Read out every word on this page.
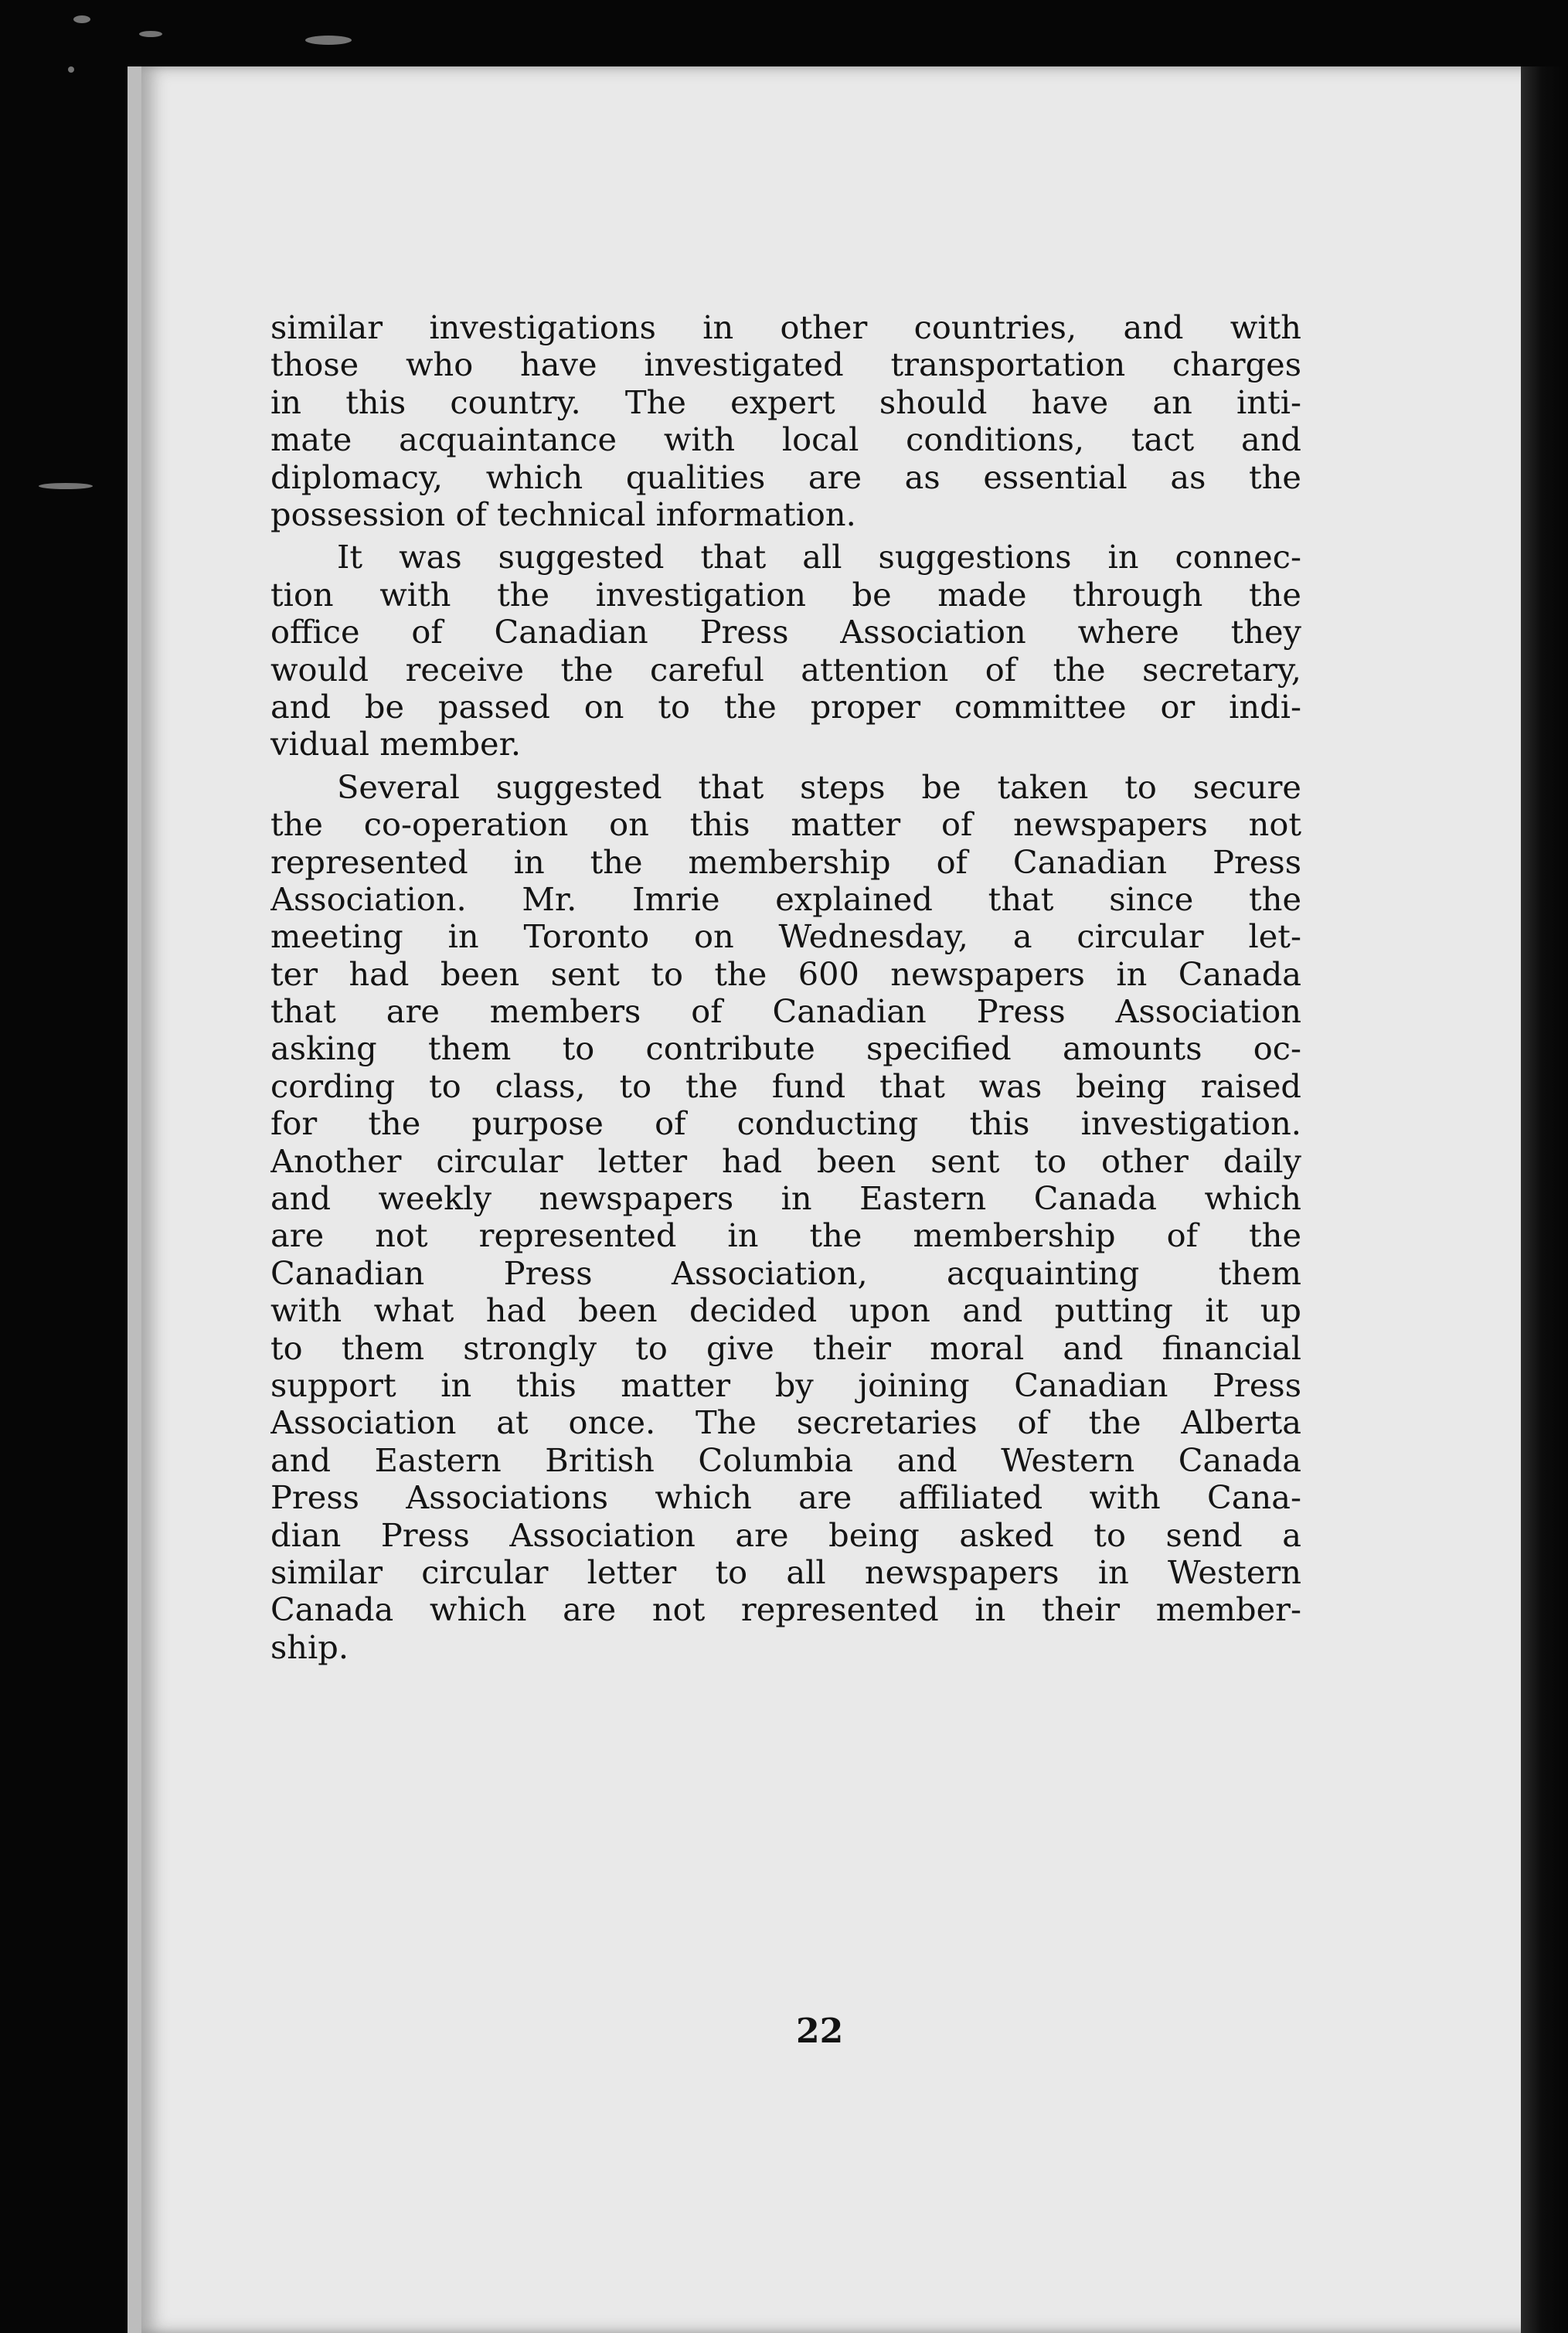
similar investigations in other countries, and with
those who have investigated transportation charges
in this country. The expert should have an inti-
mate acquaintance with local conditions, tact and
diplomacy, which qualities are as essential as the
possession of technical information.
It was suggested that all suggestions in connec-
tion with the investigation be made through the
office of Canadian Press Association where they
would receive the careful attention of the secretary,
and be passed on to the proper committee or indi-
vidual member.
Several suggested that steps be taken to secure
the co-operation on this matter of newspapers not
represented in the membership of Canadian Press
Association. Mr. Imrie explained that since the
meeting in Toronto on Wednesday, a circular let-
ter had been sent to the 600 newspapers in Canada
that are members of Canadian Press Association
asking them to contribute specified amounts oc-
cording to class, to the fund that was being raised
for the purpose of conducting this investigation.
Another circular letter had been sent to other daily
and weekly newspapers in Eastern Canada which
are not represented in the membership of the
Canadian Press Association, acquainting them
with what had been decided upon and putting it up
to them strongly to give their moral and financial
support in this matter by joining Canadian Press
Association at once. The secretaries of the Alberta
and Eastern British Columbia and Western Canada
Press Associations which are affiliated with Cana-
dian Press Association are being asked to send a
similar circular letter to all newspapers in Western
Canada which are not represented in their member-
ship.
22
